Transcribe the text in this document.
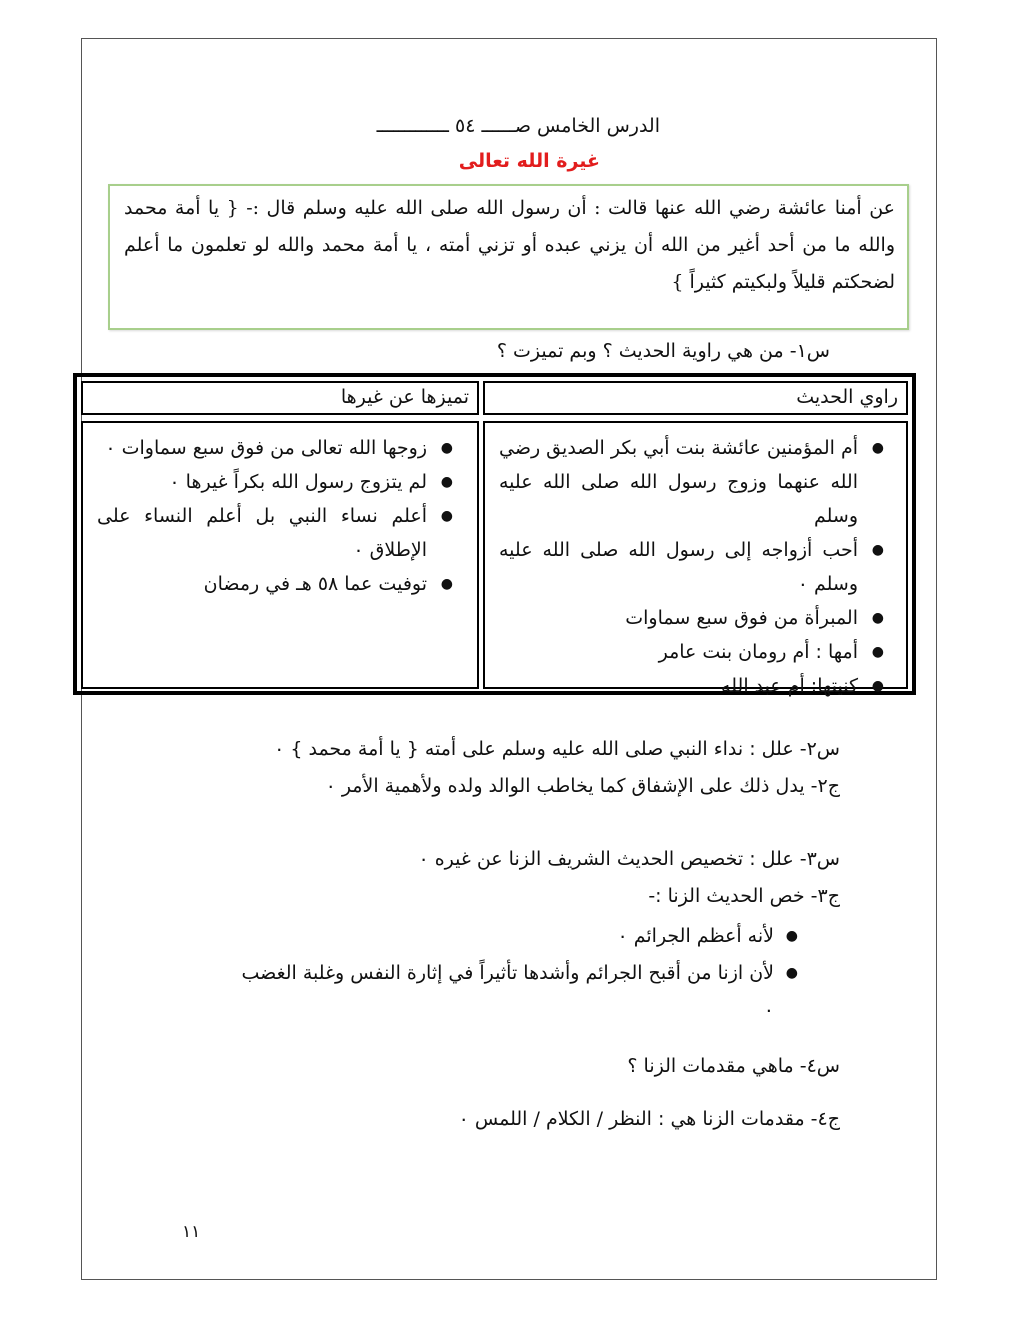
الدرس الخامس صــــــ ٥٤ ـــــــــــــ
غيرة الله تعالى
عن أمنا عائشة رضي الله عنها قالت : أن رسول الله صلى الله عليه وسلم قال :- { يا أمة محمد والله ما من أحد أغير من الله أن يزني عبده أو تزني أمته ، يا أمة محمد والله لو تعلمون ما أعلم لضحكتم قليلاً ولبكيتم كثيراً }
س١- من هي راوية الحديث ؟ وبم تميزت ؟
راوي الحديث
تميزها عن غيرها
●
أم المؤمنين عائشة بنت أبي بكر الصديق رضي الله عنهما وزوج رسول الله صلى الله عليه وسلم
●
أحب أزواجه إلى رسول الله صلى الله عليه وسلم ٠
●
المبرأة من فوق سبع سماوات
●
أمها : أم رومان بنت عامر
●
كنيتها: أم عبد الله
●
زوجها الله تعالى من فوق سبع سماوات ٠
●
لم يتزوج رسول الله بكراً غيرها ٠
●
أعلم نساء النبي بل أعلم النساء على الإطلاق ٠
●
توفيت عما ٥٨ هـ في رمضان
س٢- علل : نداء النبي صلى الله عليه وسلم على أمته { يا أمة محمد } ٠
ج٢- يدل ذلك على الإشفاق كما يخاطب الوالد ولده ولأهمية الأمر ٠
س٣- علل : تخصيص الحديث الشريف الزنا عن غيره ٠
ج٣- خص الحديث الزنا :-
●
لأنه أعظم الجرائم ٠
●
لأن ازنا من أقبح الجرائم وأشدها تأثيراً في إثارة النفس وغلبة الغضب ٠
س٤- ماهي مقدمات الزنا ؟
ج٤- مقدمات الزنا هي : النظر / الكلام / اللمس ٠
١١
